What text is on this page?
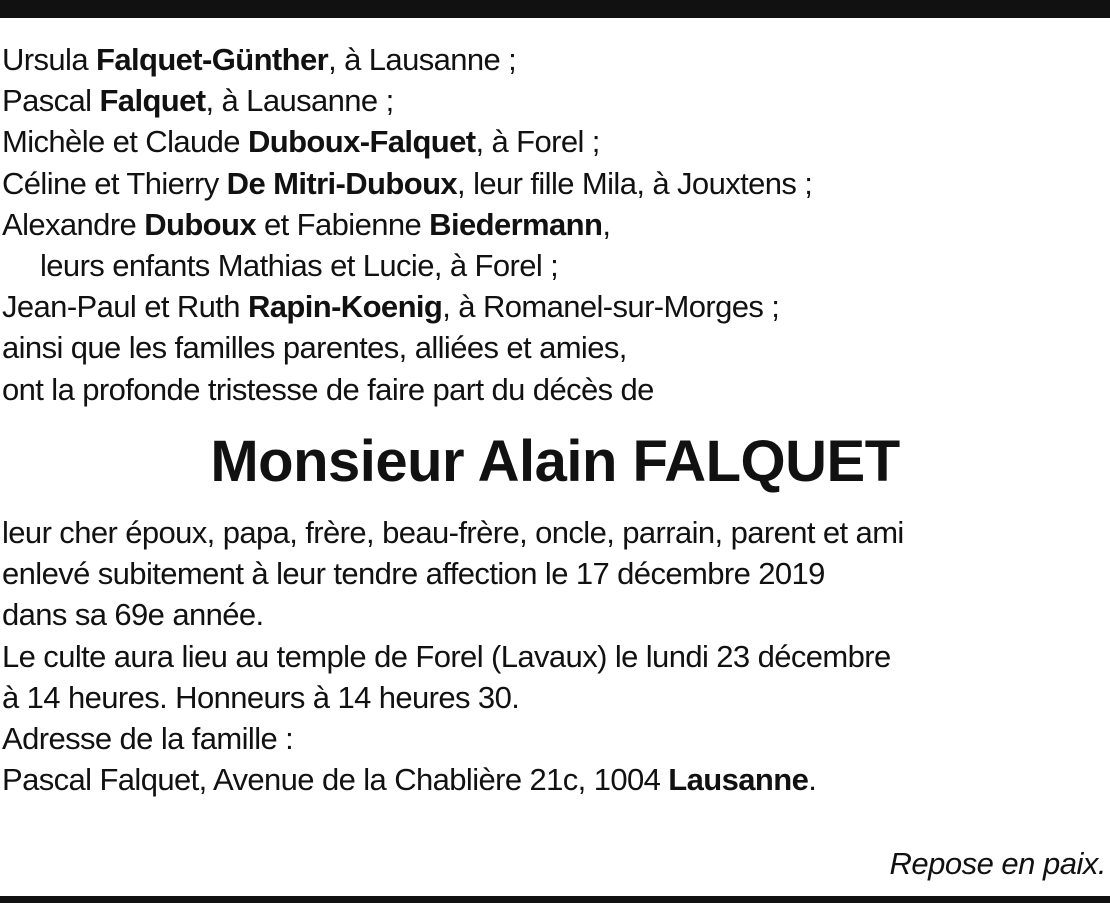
Ursula Falquet-Günther, à Lausanne ;
Pascal Falquet, à Lausanne ;
Michèle et Claude Duboux-Falquet, à Forel ;
Céline et Thierry De Mitri-Duboux, leur fille Mila, à Jouxtens ;
Alexandre Duboux et Fabienne Biedermann,
leurs enfants Mathias et Lucie, à Forel ;
Jean-Paul et Ruth Rapin-Koenig, à Romanel-sur-Morges ;
ainsi que les familles parentes, alliées et amies,
ont la profonde tristesse de faire part du décès de
Monsieur Alain FALQUET
leur cher époux, papa, frère, beau-frère, oncle, parrain, parent et ami
enlevé subitement à leur tendre affection le 17 décembre 2019
dans sa 69e année.
Le culte aura lieu au temple de Forel (Lavaux) le lundi 23 décembre
à 14 heures. Honneurs à 14 heures 30.
Adresse de la famille :
Pascal Falquet, Avenue de la Chablière 21c, 1004 Lausanne.
Repose en paix.
